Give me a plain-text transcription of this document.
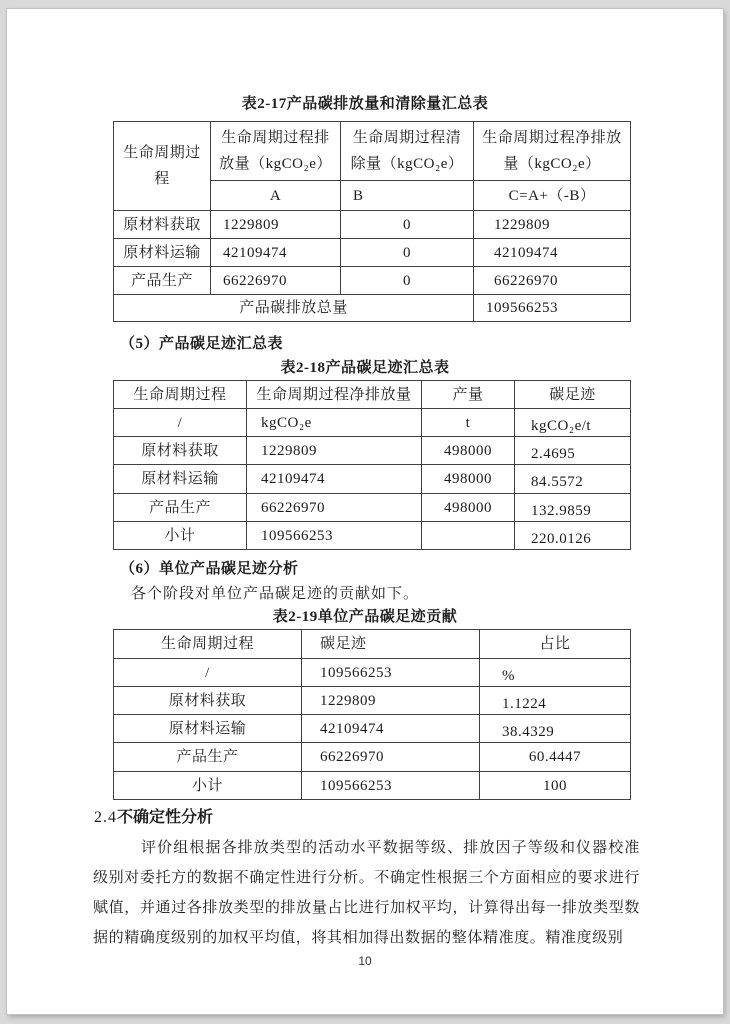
表2-17产品碳排放量和清除量汇总表
生命周期过程	生命周期过程排放量（kgCO₂e）	生命周期过程清除量（kgCO₂e）	生命周期过程净排放量（kgCO₂e）
	A	B	C=A+（-B）
原材料获取	1229809	0	1229809
原材料运输	42109474	0	42109474
产品生产	66226970	0	66226970
产品碳排放总量			109566253
（5）产品碳足迹汇总表
表2-18产品碳足迹汇总表
生命周期过程	生命周期过程净排放量	产量	碳足迹
/	kgCO₂e	t	kgCO₂e/t
原材料获取	1229809	498000	2.4695
原材料运输	42109474	498000	84.5572
产品生产	66226970	498000	132.9859
小计	109566253		220.0126
（6）单位产品碳足迹分析
各个阶段对单位产品碳足迹的贡献如下。
表2-19单位产品碳足迹贡献
生命周期过程	碳足迹	占比
/	109566253	%
原材料获取	1229809	1.1224
原材料运输	42109474	38.4329
产品生产	66226970	60.4447
小计	109566253	100
2.4不确定性分析
评价组根据各排放类型的活动水平数据等级、排放因子等级和仪器校准级别对委托方的数据不确定性进行分析。不确定性根据三个方面相应的要求进行赋值，并通过各排放类型的排放量占比进行加权平均，计算得出每一排放类型数据的精确度级别的加权平均值，将其相加得出数据的整体精准度。精准度级别
10
